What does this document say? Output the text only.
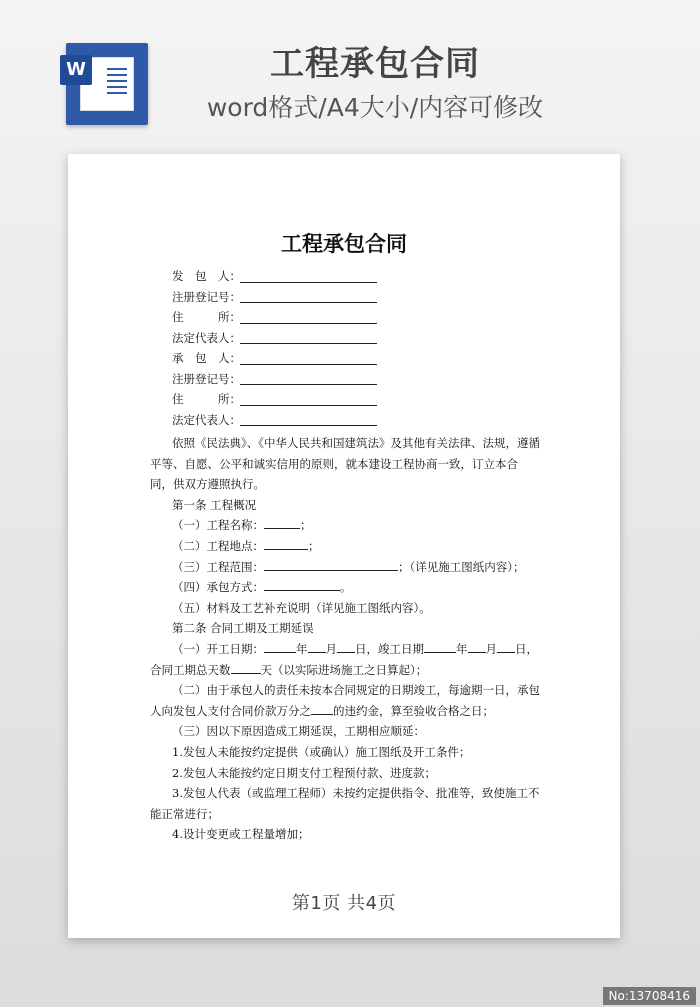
W	工程承包合同
word格式/A4大小/内容可修改
工程承包合同
发　包　人：
注册登记号：
住　　　所：
法定代表人：
承　包　人：
注册登记号：
住　　　所：
法定代表人：

依照《民法典》、《中华人民共和国建筑法》及其他有关法律、法规，遵循平等、自愿、公平和诚实信用的原则，就本建设工程协商一致，订立本合同，供双方遵照执行。

第一条 工程概况

（一）工程名称：	；

（二）工程地点：	；

（三）工程范围：	；（详见施工图纸内容）；

（四）承包方式：	。

（五）材料及工艺补充说明（详见施工图纸内容）。

第二条 合同工期及工期延误

（一）开工日期：	年 月 日，竣工日期	年 月 日，

合同工期总天数	天（以实际进场施工之日算起）；

（二）由于承包人的责任未按本合同规定的日期竣工，每逾期一日，承包人向发包人支付合同价款万分之 的违约金，算至验收合格之日；

（三）因以下原因造成工期延误，工期相应顺延：

1.发包人未能按约定提供（或确认）施工图纸及开工条件；

2.发包人未能按约定日期支付工程预付款、进度款；

3.发包人代表（或监理工程师）未按约定提供指令、批准等，致使施工不能正常进行；

4.设计变更或工程量增加；

第1页 共4页
No:13708416
